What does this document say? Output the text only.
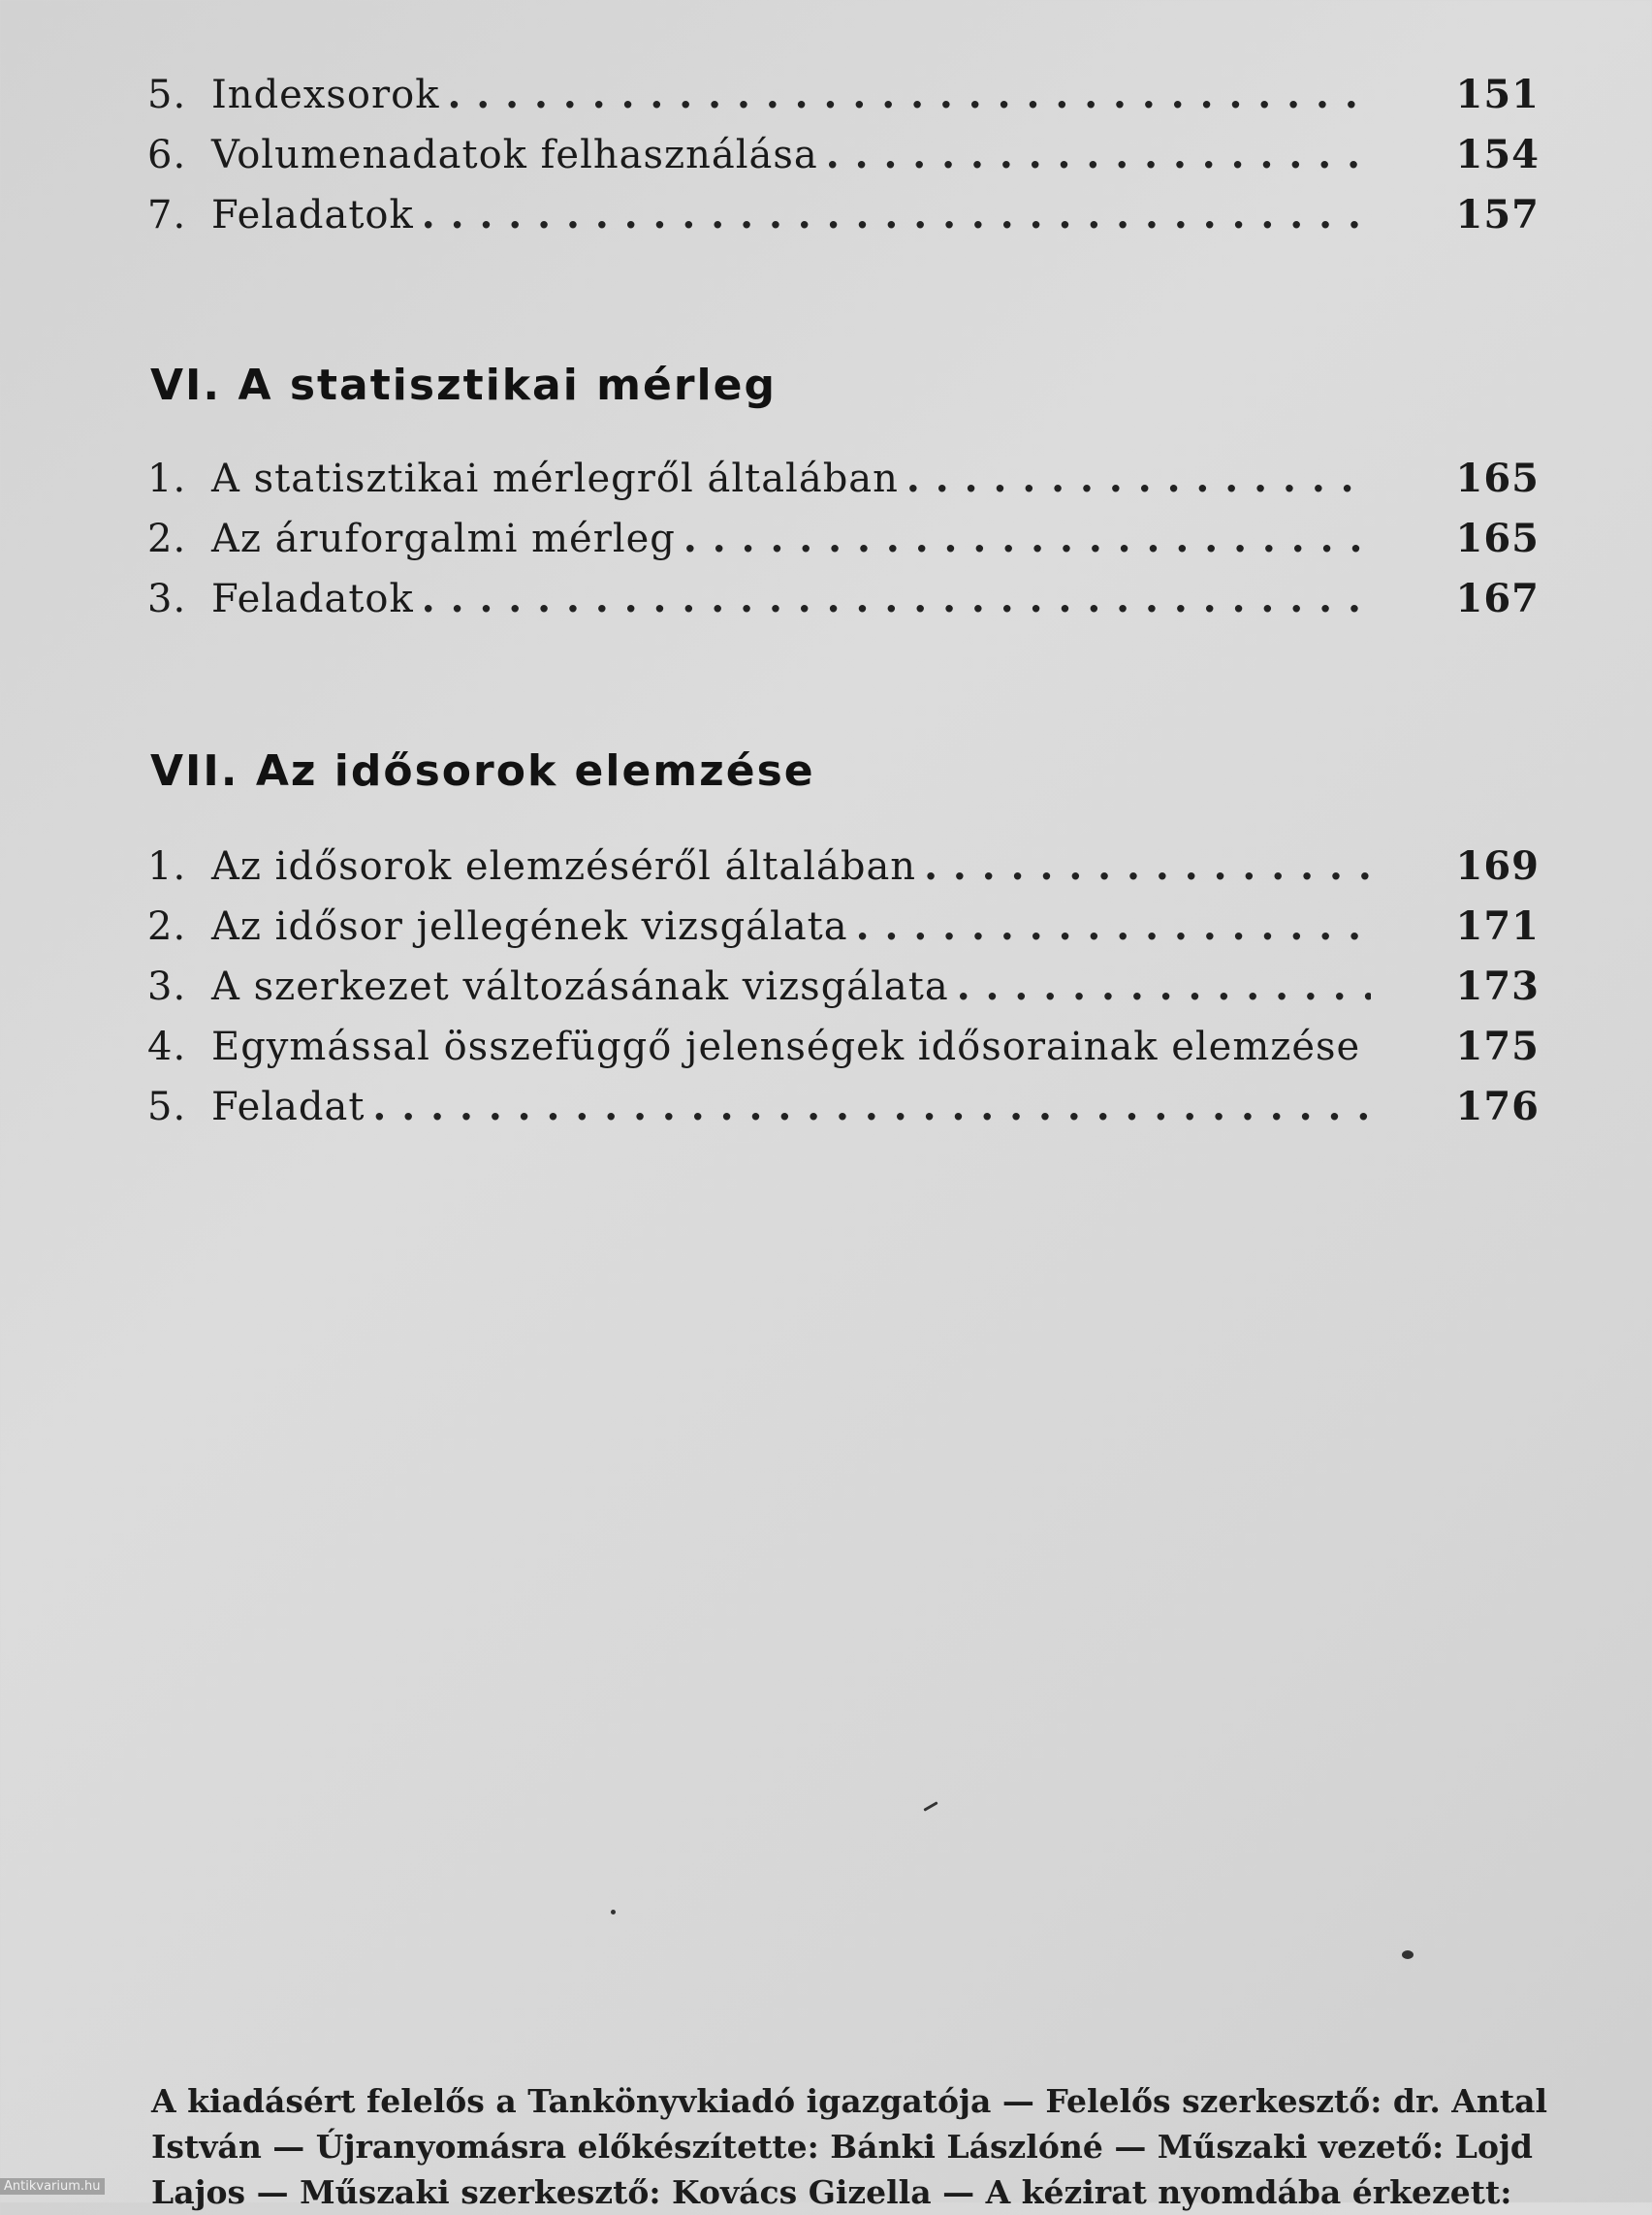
5. Indexsorok . . .	151
6. Volumenadatok felhasználása . . .	154
7. Feladatok . . .	157
VI. A statisztikai mérleg
1. A statisztikai mérlegről általában . . .	165
2. Az áruforgalmi mérleg . . .	165
3. Feladatok . . .	167
VII. Az idősorok elemzése
1. Az idősorok elemzéséről általában . . .	169
2. Az idősor jellegének vizsgálata . . .	171
3. A szerkezet változásának vizsgálata . . .	173
4. Egymással összefüggő jelenségek idősorainak elemzése . . . 175
5. Feladat . . .	176
A kiadásért felelős a Tankönyvkiadó igazgatója — Felelős szerkesztő: dr. Antal
István — Újranyomásra előkészítette: Bánki Lászlóné — Műszaki vezető: Lojd
Lajos — Műszaki szerkesztő: Kovács Gizella — A kézirat nyomdába érkezett:
Antikvarium.hu
